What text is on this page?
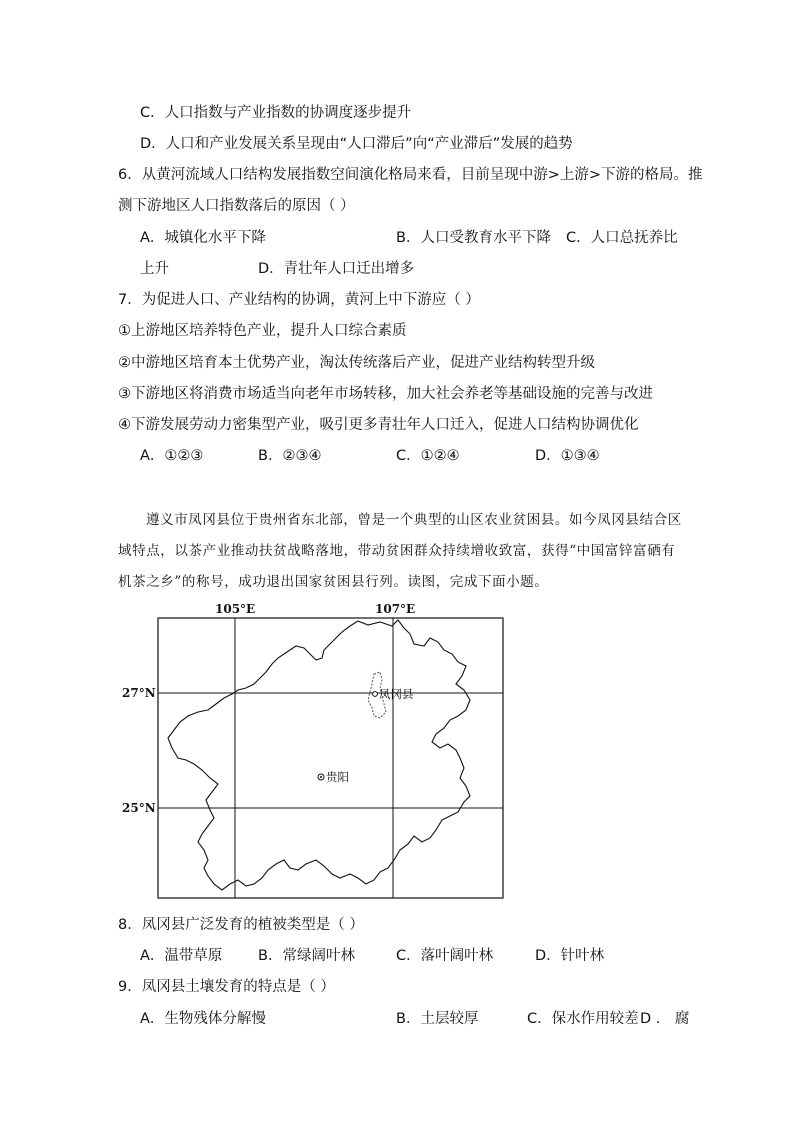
C．人口指数与产业指数的协调度逐步提升
D．人口和产业发展关系呈现由“人口滞后”向“产业滞后”发展的趋势
6．从黄河流域人口结构发展指数空间演化格局来看，目前呈现中游>上游>下游的格局。推
测下游地区人口指数落后的原因（ ）
A．城镇化水平下降	B．人口受教育水平下降 C．人口总抚养比
上升	D．青壮年人口迁出增多
7．为促进人口、产业结构的协调，黄河上中下游应（ ）
①上游地区培养特色产业，提升人口综合素质
②中游地区培育本土优势产业，淘汰传统落后产业，促进产业结构转型升级
③下游地区将消费市场适当向老年市场转移，加大社会养老等基础设施的完善与改进
④下游发展劳动力密集型产业，吸引更多青壮年人口迁入，促进人口结构协调优化
A．①②③	B．②③④	C．①②④	D．①③④
遵义市凤冈县位于贵州省东北部，曾是一个典型的山区农业贫困县。如今凤冈县结合区
域特点，以茶产业推动扶贫战略落地，带动贫困群众持续增收致富，获得“中国富锌富硒有
机茶之乡”的称号，成功退出国家贫困县行列。读图，完成下面小题。
105°E	107°E
27°N
25°N
凤冈县
贵阳
8．凤冈县广泛发育的植被类型是（ ）
A．温带草原 B．常绿阔叶林	C．落叶阔叶林	D．针叶林
9．凤冈县土壤发育的特点是（ ）
A．生物残体分解慢	B．土层较厚	C．保水作用较差 D ． 腐
